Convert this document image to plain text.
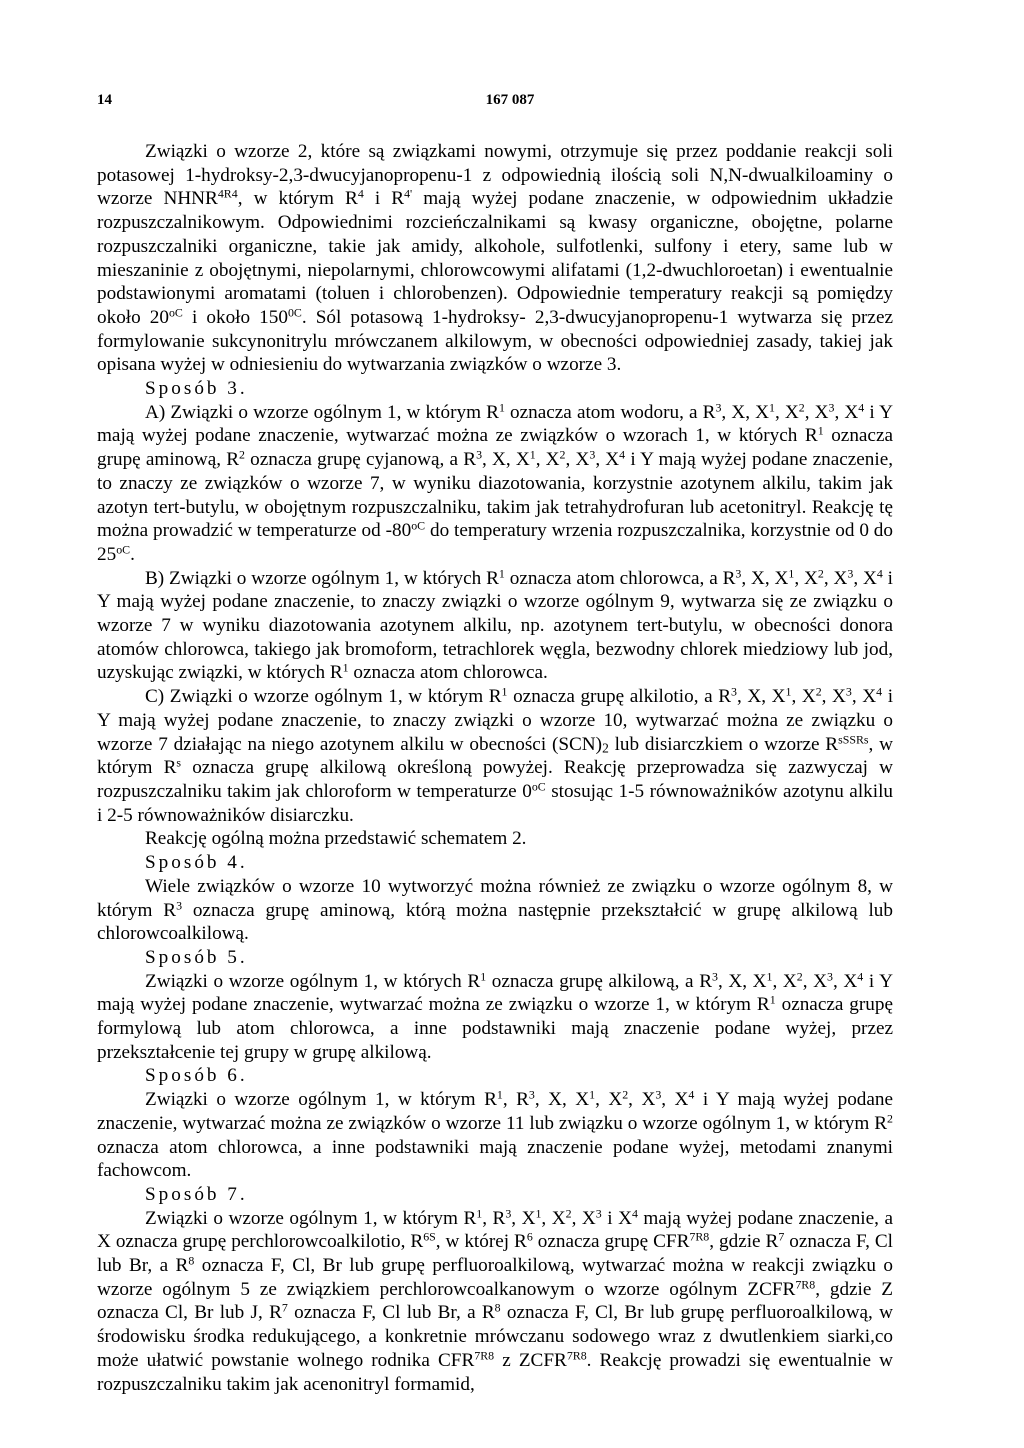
14	167 087

Związki o wzorze 2, które są związkami nowymi, otrzymuje się przez poddanie reakcji soli potasowej 1-hydroksy-2,3-dwucyjanopropenu-1 z odpowiednią ilością soli N,N-dwualkiloaminy o wzorze $NHNR^{4R4}$, w którym $R^4$ i $R^{4'}$ mają wyżej podane znaczenie, w odpowiednim układzie rozpuszczalnikowym. Odpowiednimi rozcieńczalnikami są kwasy organiczne, obojętne, polarne rozpuszczalniki organiczne, takie jak amidy, alkohole, sulfotlenki, sulfony i etery, same lub w mieszaninie z obojętnymi, niepolarnymi, chlorowcowymi alifatami (1,2-dwuchloroetan) i ewentualnie podstawionymi aromatami (toluen i chlorobenzen). Odpowiednie temperatury reakcji są pomiędzy około $20^{oC}$ i około $150^{0C}$. Sól potasową 1-hydroksy- 2,3-dwucyjanopropenu-1 wytwarza się przez formylowanie sukcynonitrylu mrówczanem alkilowym, w obecności odpowiedniej zasady, takiej jak opisana wyżej w odniesieniu do wytwarzania związków o wzorze 3.

Sposób 3.

A) Związki o wzorze ogólnym 1, w którym $R^1$ oznacza atom wodoru, a $R^3$, X, $X^1$, $X^2$, $X^3$, $X^4$ i Y mają wyżej podane znaczenie, wytwarzać można ze związków o wzorach 1, w których $R^1$ oznacza grupę aminową, $R^2$ oznacza grupę cyjanową, a $R^3$, X, $X^1$, $X^2$, $X^3$, $X^4$ i Y mają wyżej podane znaczenie, to znaczy ze związków o wzorze 7, w wyniku diazotowania, korzystnie azotynem alkilu, takim jak azotyn tert-butylu, w obojętnym rozpuszczalniku, takim jak tetrahydrofuran lub acetonitryl. Reakcję tę można prowadzić w temperaturze od $-80^{oC}$ do temperatury wrzenia rozpuszczalnika, korzystnie od 0 do $25^{oC}$.

B) Związki o wzorze ogólnym 1, w których $R^1$ oznacza atom chlorowca, a $R^3$, X, $X^1$, $X^2$, $X^3$, $X^4$ i Y mają wyżej podane znaczenie, to znaczy związki o wzorze ogólnym 9, wytwarza się ze związku o wzorze 7 w wyniku diazotowania azotynem alkilu, np. azotynem tert-butylu, w obecności donora atomów chlorowca, takiego jak bromoform, tetrachlorek węgla, bezwodny chlorek miedziowy lub jod, uzyskując związki, w których $R^1$ oznacza atom chlorowca.

C) Związki o wzorze ogólnym 1, w którym $R^1$ oznacza grupę alkilotio, a $R^3$, X, $X^1$, $X^2$, $X^3$, $X^4$ i Y mają wyżej podane znaczenie, to znaczy związki o wzorze 10, wytwarzać można ze związku o wzorze 7 działając na niego azotynem alkilu w obecności $(SCN)_2$ lub disiarczkiem o wzorze $R^{sSSRs}$, w którym $R^s$ oznacza grupę alkilową określoną powyżej. Reakcję przeprowadza się zazwyczaj w rozpuszczalniku takim jak chloroform w temperaturze $0^{oC}$ stosując 1-5 równoważników azotynu alkilu i 2-5 równoważników disiarczku.

Reakcję ogólną można przedstawić schematem 2.

Sposób 4.

Wiele związków o wzorze 10 wytworzyć można również ze związku o wzorze ogólnym 8, w którym $R^3$ oznacza grupę aminową, którą można następnie przekształcić w grupę alkilową lub chlorowcoalkilową.

Sposób 5.

Związki o wzorze ogólnym 1, w których $R^1$ oznacza grupę alkilową, a $R^3$, X, $X^1$, $X^2$, $X^3$, $X^4$ i Y mają wyżej podane znaczenie, wytwarzać można ze związku o wzorze 1, w którym $R^1$ oznacza grupę formylową lub atom chlorowca, a inne podstawniki mają znaczenie podane wyżej, przez przekształcenie tej grupy w grupę alkilową.

Sposób 6.

Związki o wzorze ogólnym 1, w którym $R^1$, $R^3$, X, $X^1$, $X^2$, $X^3$, $X^4$ i Y mają wyżej podane znaczenie, wytwarzać można ze związków o wzorze 11 lub związku o wzorze ogólnym 1, w którym $R^2$ oznacza atom chlorowca, a inne podstawniki mają znaczenie podane wyżej, metodami znanymi fachowcom.

Sposób 7.

Związki o wzorze ogólnym 1, w którym $R^1$, $R^3$, $X^1$, $X^2$, $X^3$ i $X^4$ mają wyżej podane znaczenie, a X oznacza grupę perchlorowcoalkilotio, $R^{6S}$, w której $R^6$ oznacza grupę $CFR^{7R8}$, gdzie $R^7$ oznacza F, Cl lub Br, a $R^8$ oznacza F, Cl, Br lub grupę perfluoroalkilową, wytwarzać można w reakcji związku o wzorze ogólnym 5 ze związkiem perchlorowcoalkanowym o wzorze ogólnym $ZCFR^{7R8}$, gdzie Z oznacza Cl, Br lub J, $R^7$ oznacza F, Cl lub Br, a $R^8$ oznacza F, Cl, Br lub grupę perfluoroalkilową, w środowisku środka redukującego, a konkretnie mrówczanu sodowego wraz z dwutlenkiem siarki,co może ułatwić powstanie wolnego rodnika $CFR^{7R8}$ z $ZCFR^{7R8}$. Reakcję prowadzi się ewentualnie w rozpuszczalniku takim jak acenonitryl formamid,
